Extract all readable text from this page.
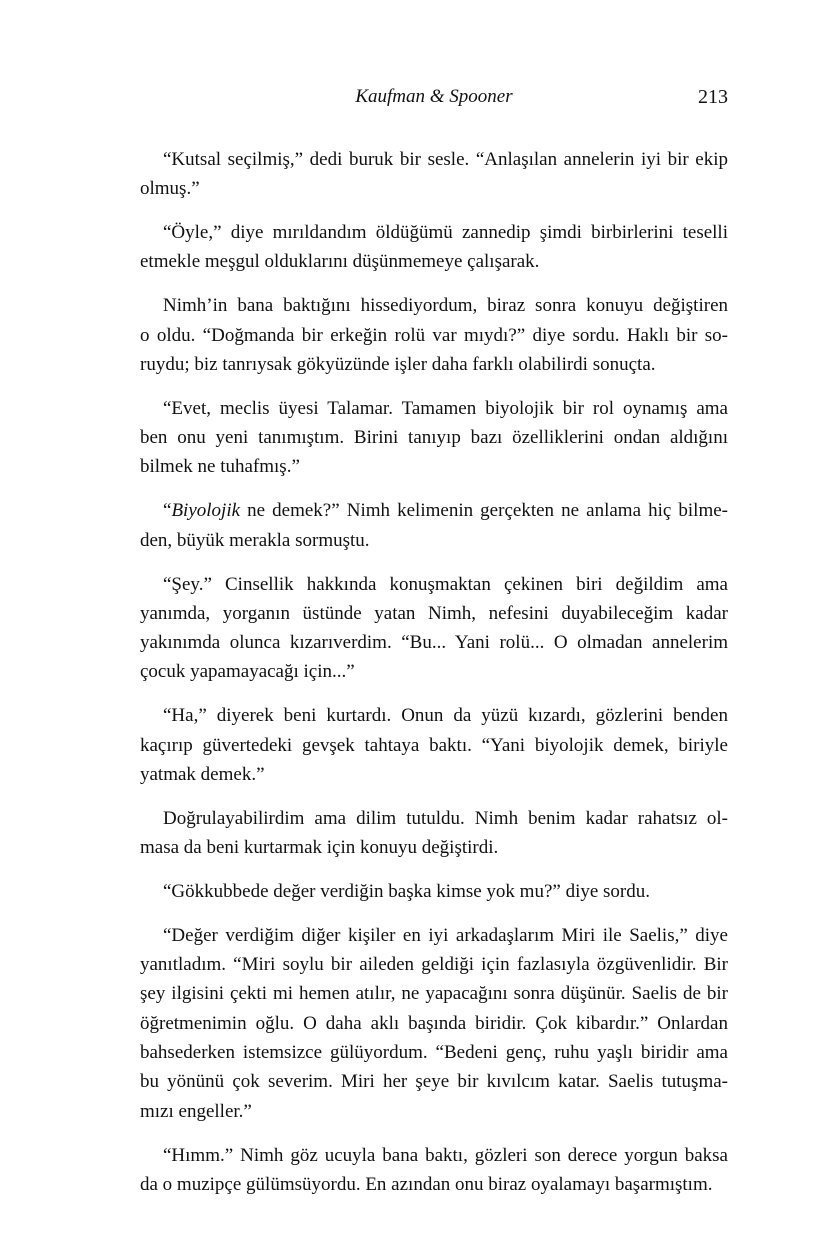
Kaufman & Spooner	213
“Kutsal seçilmiş,” dedi buruk bir sesle. “Anlaşılan annelerin iyi bir ekip
olmuş.”
“Öyle,” diye mırıldandım öldüğümü zannedip şimdi birbirlerini teselli
etmekle meşgul olduklarını düşünmemeye çalışarak.
Nimh’in bana baktığını hissediyordum, biraz sonra konuyu değiştiren
o oldu. “Doğmanda bir erkeğin rolü var mıydı?” diye sordu. Haklı bir so-
ruydu; biz tanrıysak gökyüzünde işler daha farklı olabilirdi sonuçta.
“Evet, meclis üyesi Talamar. Tamamen biyolojik bir rol oynamış ama
ben onu yeni tanımıştım. Birini tanıyıp bazı özelliklerini ondan aldığını
bilmek ne tuhafmış.”
“Biyolojik ne demek?” Nimh kelimenin gerçekten ne anlama hiç bilme-
den, büyük merakla sormuştu.
“Şey.” Cinsellik hakkında konuşmaktan çekinen biri değildim ama
yanımda, yorganın üstünde yatan Nimh, nefesini duyabileceğim kadar
yakınımda olunca kızarıverdim. “Bu... Yani rolü... O olmadan annelerim
çocuk yapamayacağı için...”
“Ha,” diyerek beni kurtardı. Onun da yüzü kızardı, gözlerini benden
kaçırıp güvertedeki gevşek tahtaya baktı. “Yani biyolojik demek, biriyle
yatmak demek.”
Doğrulayabilirdim ama dilim tutuldu. Nimh benim kadar rahatsız ol-
masa da beni kurtarmak için konuyu değiştirdi.
“Gökkubbede değer verdiğin başka kimse yok mu?” diye sordu.
“Değer verdiğim diğer kişiler en iyi arkadaşlarım Miri ile Saelis,” diye
yanıtladım. “Miri soylu bir aileden geldiği için fazlasıyla özgüvenlidir. Bir
şey ilgisini çekti mi hemen atılır, ne yapacağını sonra düşünür. Saelis de bir
öğretmenimin oğlu. O daha aklı başında biridir. Çok kibardır.” Onlardan
bahsederken istemsizce gülüyordum. “Bedeni genç, ruhu yaşlı biridir ama
bu yönünü çok severim. Miri her şeye bir kıvılcım katar. Saelis tutuşma-
mızı engeller.”
“Hımm.” Nimh göz ucuyla bana baktı, gözleri son derece yorgun baksa
da o muzipçe gülümsüyordu. En azından onu biraz oyalamayı başarmıştım.
